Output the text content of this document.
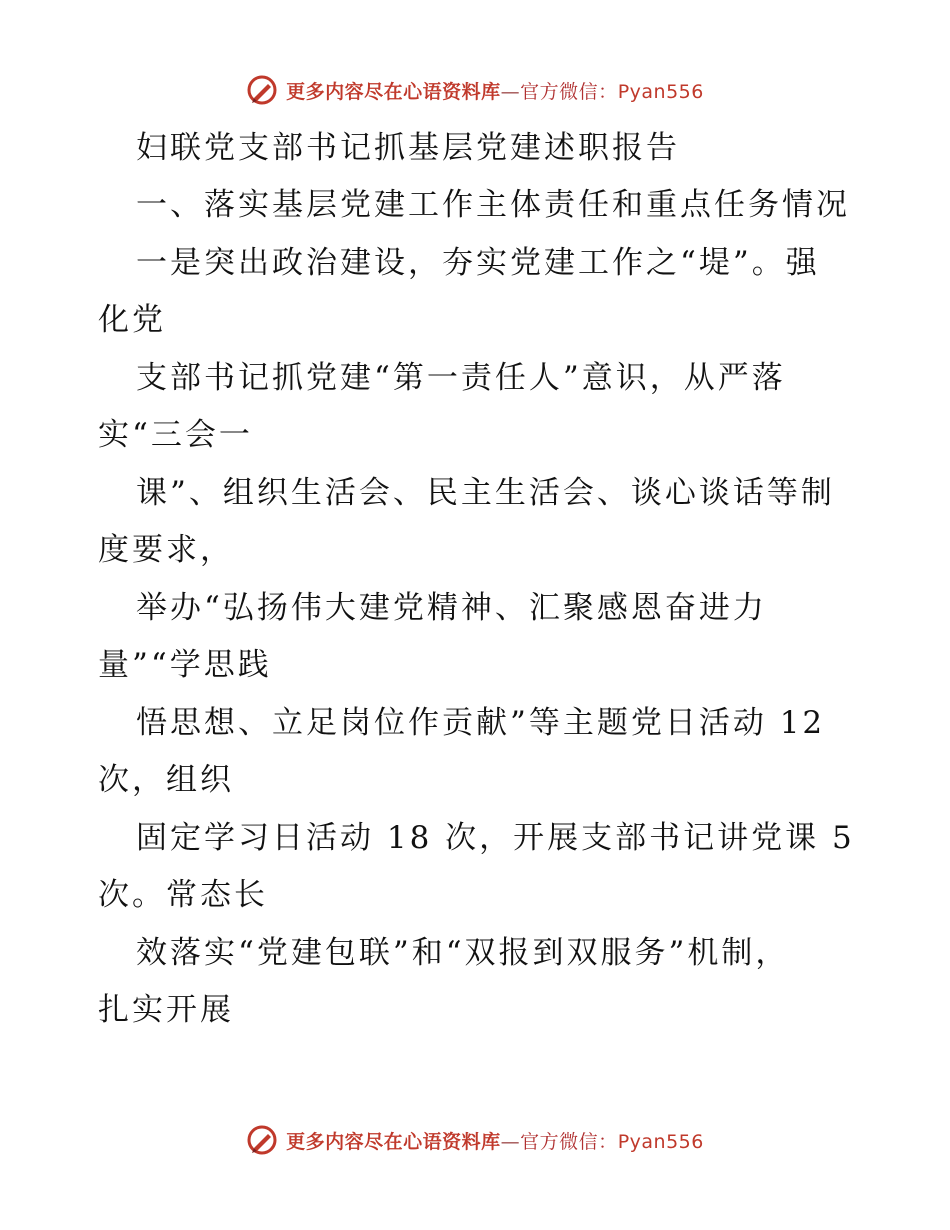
更多内容尽在心语资料库—官方微信：Pyan556
妇联党支部书记抓基层党建述职报告
一、落实基层党建工作主体责任和重点任务情况
一是突出政治建设，夯实党建工作之“堤”。强
化党
支部书记抓党建“第一责任人”意识，从严落
实“三会一
课”、组织生活会、民主生活会、谈心谈话等制
度要求，
举办“弘扬伟大建党精神、汇聚感恩奋进力
量”“学思践
悟思想、立足岗位作贡献”等主题党日活动 12
次，组织
固定学习日活动 18 次，开展支部书记讲党课 5
次。常态长
效落实“党建包联”和“双报到双服务”机制，
扎实开展
更多内容尽在心语资料库—官方微信：Pyan556
